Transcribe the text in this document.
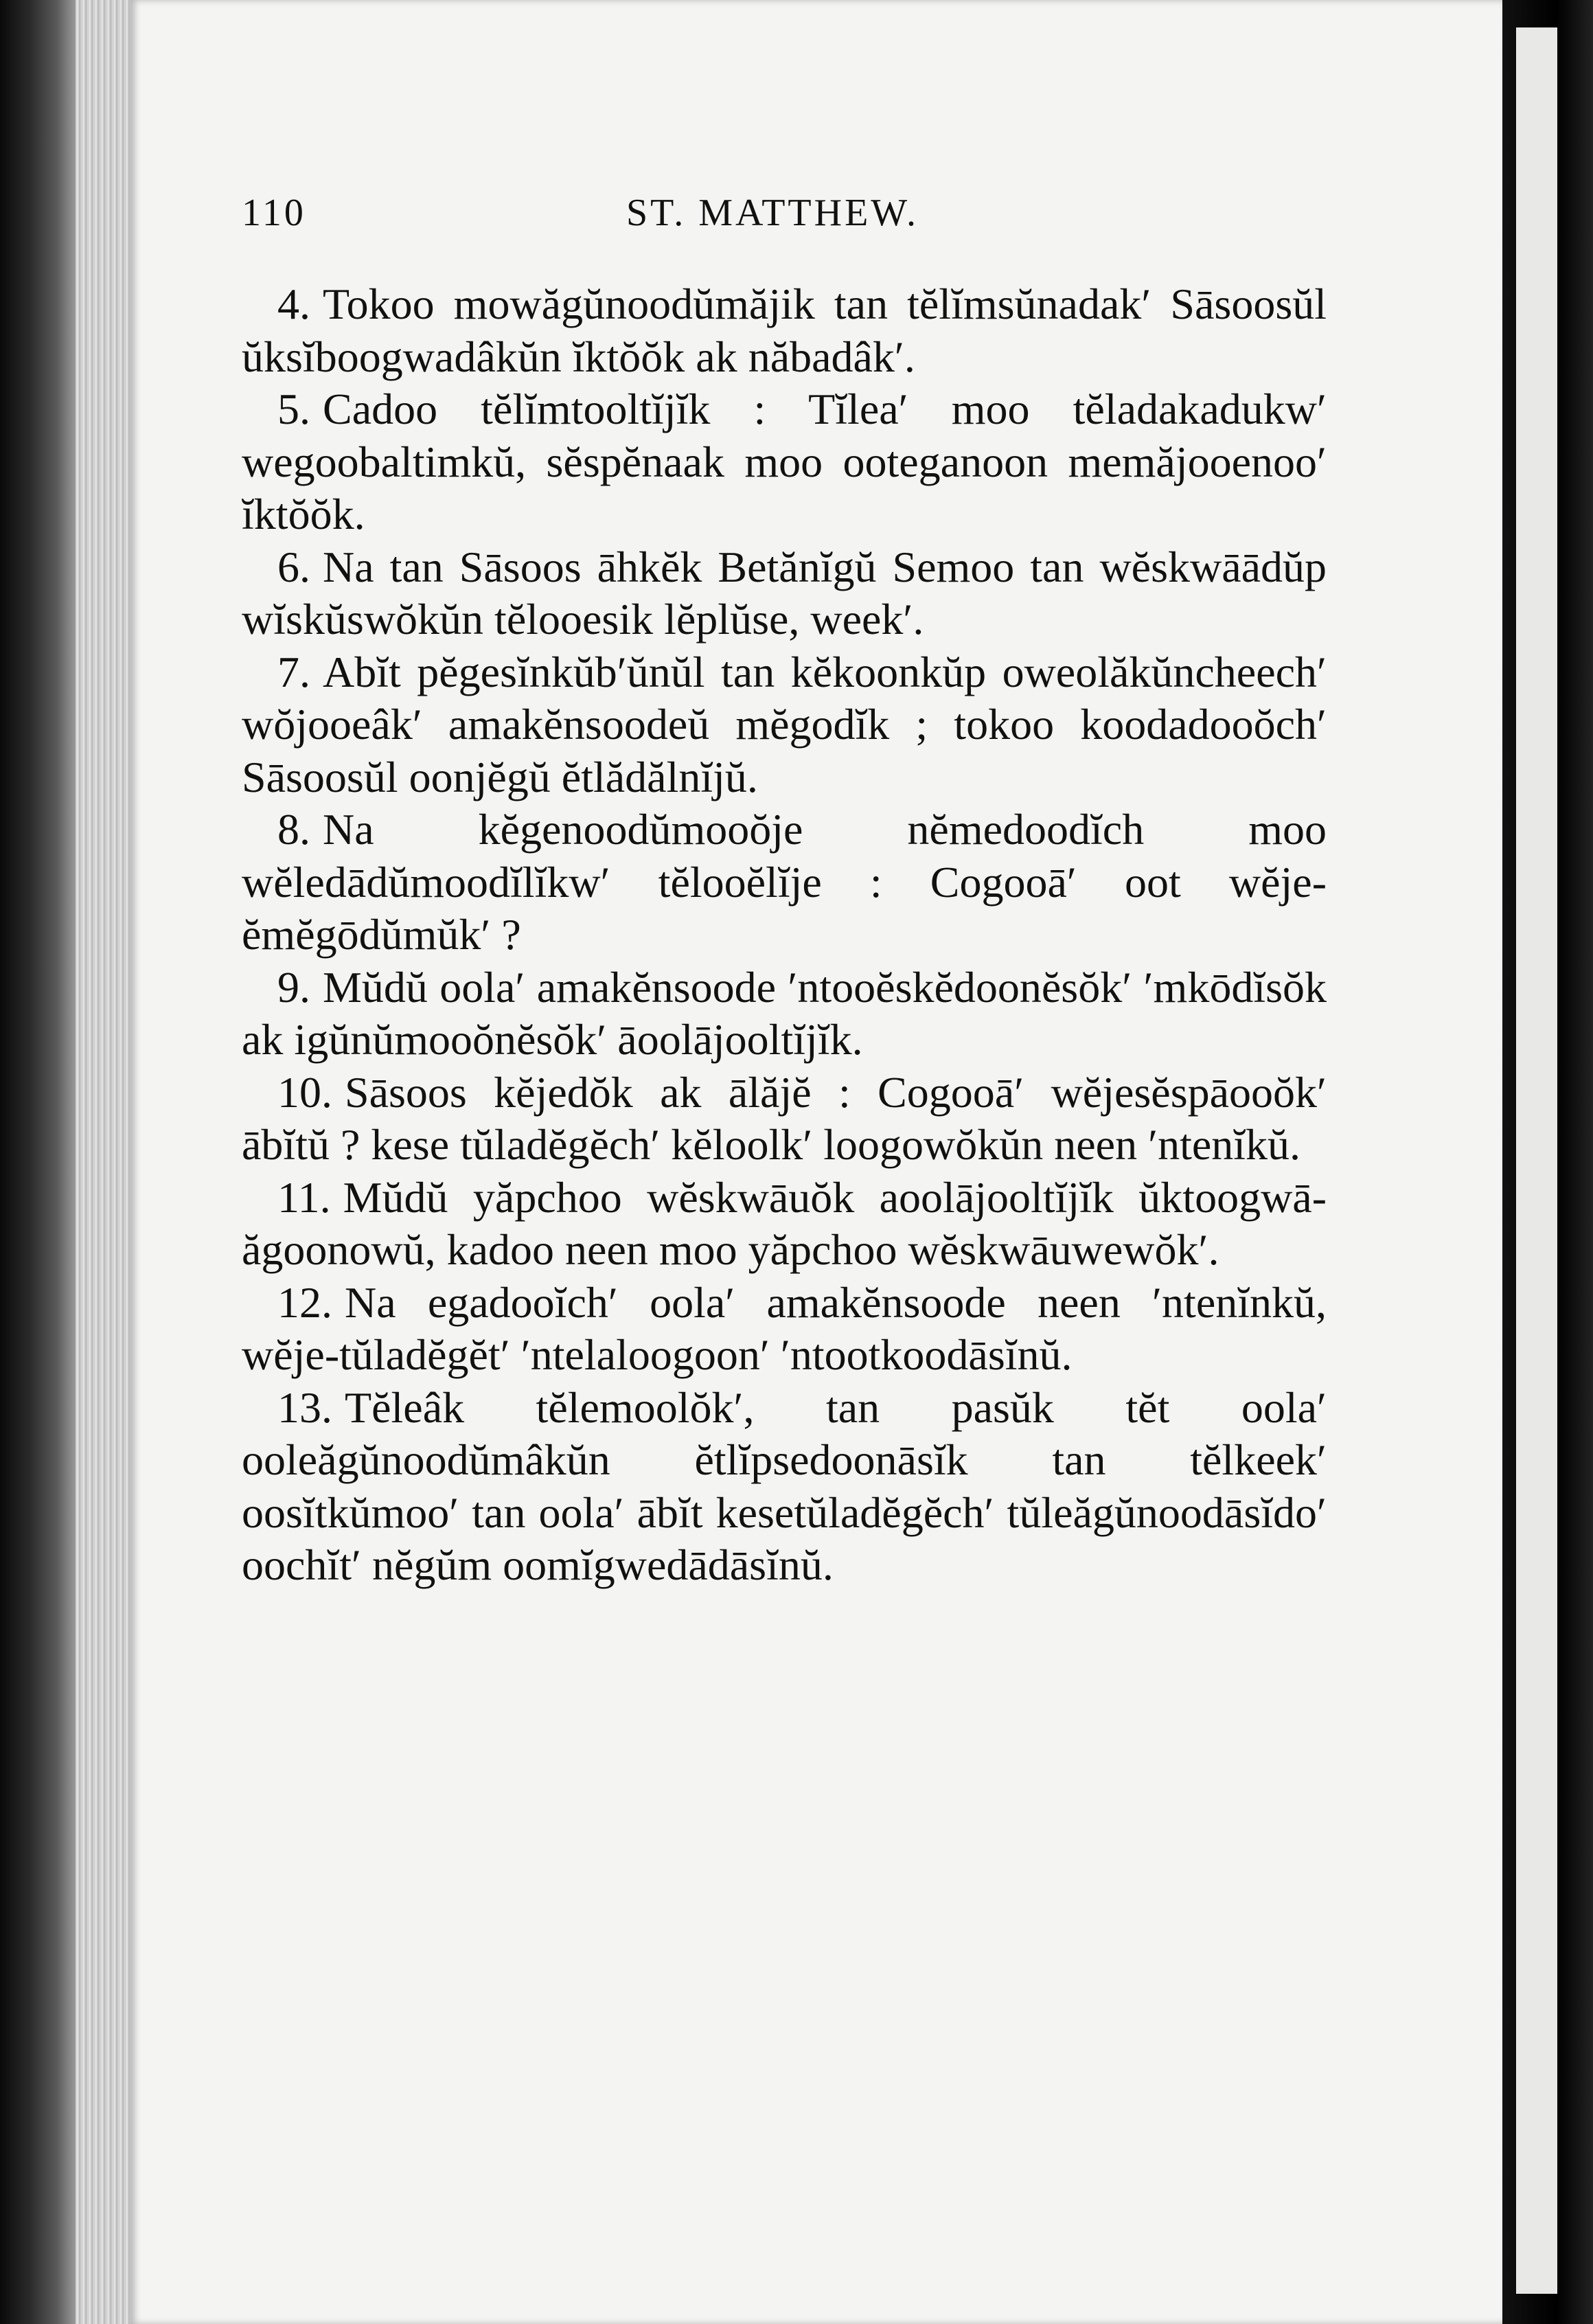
110	ST. MATTHEW.

4. Tokoo mowăgŭnoodŭmăjik tan tĕlĭmsŭnadak′ Sāsoosŭl ŭksĭboogwadâkŭn ĭktŏŏk ak năbadâk′.

5. Cadoo tĕlĭmtooltĭjĭk : Tĭlea′ moo tĕladakadukw′ wegoobaltimkŭ, sĕspĕnaak moo ooteganoon memăjooenoo′ ĭktŏŏk.

6. Na tan Sāsoos āhkĕk Betănĭgŭ Semoo tan wĕskwāādŭp wĭskŭswŏkŭn tĕlooesik lĕplŭse, week′.

7. Abĭt pĕgesĭnkŭb′ŭnŭl tan kĕkoonkŭp oweolăkŭncheech′ wŏjooeâk′ amakĕnsoodeŭ mĕgodĭk ; tokoo koodadooŏch′ Sāsoosŭl oonjĕgŭ ĕtlădălnĭjŭ.

8. Na kĕgenoodŭmooŏje nĕmedoodĭch moo wĕledādŭmoodĭlĭkw′ tĕlooĕlĭje : Cogooā′ oot wĕje-ĕmĕgōdŭmŭk′ ?

9. Mŭdŭ oola′ amakĕnsoode ′ntooĕskĕdoonĕsŏk′ ′mkōdĭsŏk ak igŭnŭmooŏnĕsŏk′ āoolājooltĭjĭk.

10. Sāsoos kĕjedŏk ak ālăjĕ : Cogooā′ wĕjesĕspāooŏk′ ābĭtŭ ? kese tŭladĕgĕch′ kĕloolk′ loogowŏkŭn neen ′ntenĭkŭ.

11. Mŭdŭ yăpchoo wĕskwāuŏk aoolājooltĭjĭk ŭktoogwā-ăgoonowŭ, kadoo neen moo yăpchoo wĕskwāuwewŏk′.

12. Na egadooĭch′ oola′ amakĕnsoode neen ′ntenĭnkŭ, wĕje-tŭladĕgĕt′ ′ntelaloogoon′ ′ntootkoodāsĭnŭ.

13. Tĕleâk tĕlemoolŏk′, tan pasŭk tĕt oola′ ooleăgŭnoodŭmâkŭn ĕtlĭpsedoonāsĭk tan tĕlkeek′ oosĭtkŭmoo′ tan oola′ ābĭt kesetŭladĕgĕch′ tŭleăgŭnoodāsĭdo′ oochĭt′ nĕgŭm oomĭgwedādāsĭnŭ.
